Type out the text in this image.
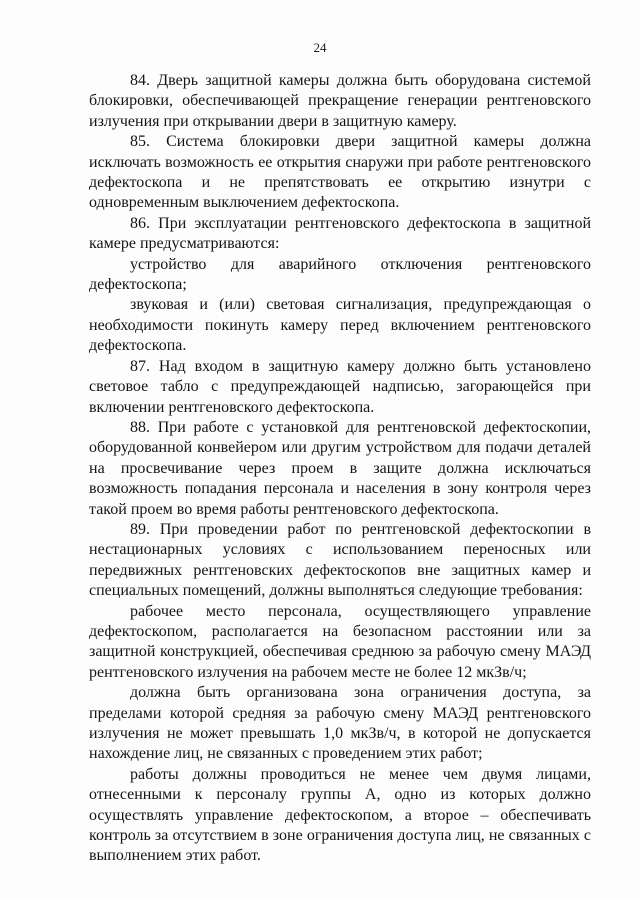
24

84. Дверь защитной камеры должна быть оборудована системой блокировки, обеспечивающей прекращение генерации рентгеновского излучения при открывании двери в защитную камеру.

85. Система блокировки двери защитной камеры должна исключать возможность ее открытия снаружи при работе рентгеновского дефектоскопа и не препятствовать ее открытию изнутри с одновременным выключением дефектоскопа.

86. При эксплуатации рентгеновского дефектоскопа в защитной камере предусматриваются:

устройство для аварийного отключения рентгеновского дефектоскопа;

звуковая и (или) световая сигнализация, предупреждающая о необходимости покинуть камеру перед включением рентгеновского дефектоскопа.

87. Над входом в защитную камеру должно быть установлено световое табло с предупреждающей надписью, загорающейся при включении рентгеновского дефектоскопа.

88. При работе с установкой для рентгеновской дефектоскопии, оборудованной конвейером или другим устройством для подачи деталей на просвечивание через проем в защите должна исключаться возможность попадания персонала и населения в зону контроля через такой проем во время работы рентгеновского дефектоскопа.

89. При проведении работ по рентгеновской дефектоскопии в нестационарных условиях с использованием переносных или передвижных рентгеновских дефектоскопов вне защитных камер и специальных помещений, должны выполняться следующие требования:

рабочее место персонала, осуществляющего управление дефектоскопом, располагается на безопасном расстоянии или за защитной конструкцией, обеспечивая среднюю за рабочую смену МАЭД рентгеновского излучения на рабочем месте не более 12 мкЗв/ч;

должна быть организована зона ограничения доступа, за пределами которой средняя за рабочую смену МАЭД рентгеновского излучения не может превышать 1,0 мкЗв/ч, в которой не допускается нахождение лиц, не связанных с проведением этих работ;

работы должны проводиться не менее чем двумя лицами, отнесенными к персоналу группы А, одно из которых должно осуществлять управление дефектоскопом, а второе – обеспечивать контроль за отсутствием в зоне ограничения доступа лиц, не связанных с выполнением этих работ.
